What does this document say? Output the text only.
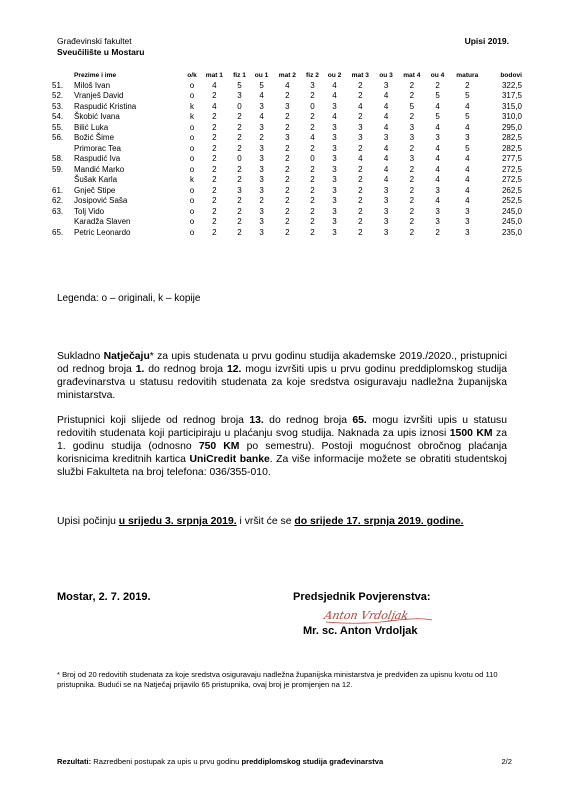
Građevinski fakultet
Sveučilište u Mostaru
Upisi 2019.
	Prezime i ime	o/k	mat 1	fiz 1	ou 1	mat 2	fiz 2	ou 2	mat 3	ou 3	mat 4	ou 4	matura	bodovi
51.	Miloš Ivan	o	4	5	5	4	3	4	2	3	2	2	2	322,5
52.	Vranješ David	o	2	3	4	2	2	4	2	4	2	5	5	317,5
53.	Raspudić Kristina	k	4	0	3	3	0	3	4	4	5	4	4	315,0
54.	Škobić Ivana	k	2	2	4	2	2	4	2	4	2	5	5	310,0
55.	Bilić Luka	o	2	2	3	2	2	3	3	4	3	4	4	295,0
56.	Božić Šime	o	2	2	2	3	4	3	3	3	3	3	3	282,5
	Primorac Tea	o	2	2	3	2	2	3	2	4	2	4	5	282,5
58.	Raspudić Iva	o	2	0	3	2	0	3	4	4	3	4	4	277,5
59.	Mandić Marko	o	2	2	3	2	2	3	2	4	2	4	4	272,5
	Šušak Karla	k	2	2	3	2	2	3	2	4	2	4	4	272,5
61.	Gnječ Stipe	o	2	3	3	2	2	3	2	3	2	3	4	262,5
62.	Josipović Saša	o	2	2	2	2	2	3	2	3	2	4	4	252,5
63.	Tolj Vido	o	2	2	3	2	2	3	2	3	2	3	3	245,0
	Karadža Slaven	o	2	2	3	2	2	3	2	3	2	3	3	245,0
65.	Petric Leonardo	o	2	2	3	2	2	3	2	3	2	2	3	235,0
Legenda: o – originali, k – kopije
Sukladno Natječaju* za upis studenata u prvu godinu studija akademske 2019./2020., pristupnici od rednog broja 1. do rednog broja 12. mogu izvršiti upis u prvu godinu preddiplomskog studija građevinarstva u statusu redovitih studenata za koje sredstva osiguravaju nadležna županijska ministarstva.
Pristupnici koji slijede od rednog broja 13. do rednog broja 65. mogu izvršiti upis u statusu redovitih studenata koji participiraju u plaćanju svog studija. Naknada za upis iznosi 1500 KM za 1. godinu studija (odnosno 750 KM po semestru). Postoji mogućnost obročnog plaćanja korisnicima kreditnih kartica UniCredit banke. Za više informacije možete se obratiti studentskoj službi Fakulteta na broj telefona: 036/355-010.
Upisi počinju u srijedu 3. srpnja 2019. i vršit će se do srijede 17. srpnja 2019. godine.
Mostar, 2. 7. 2019.	Predsjednik Povjerenstva:
Anton Vrdoljak
Mr. sc. Anton Vrdoljak
* Broj od 20 redovitih studenata za koje sredstva osiguravaju nadležna županijska ministarstva je predviđen za upisnu kvotu od 110 pristupnika. Budući se na Natječaj prijavilo 65 pristupnika, ovaj broj je promjenjen na 12.
Rezultati: Razredbeni postupak za upis u prvu godinu preddiplomskog studija građevinarstva	2/2
